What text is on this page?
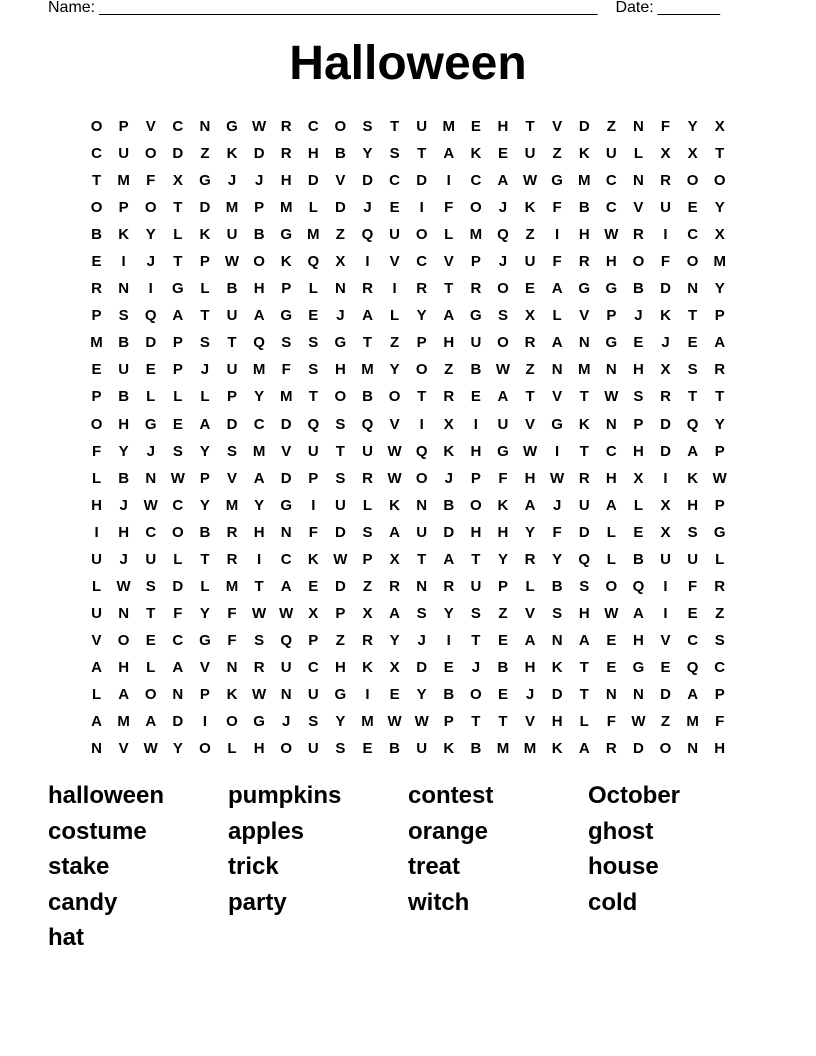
Name: ________________________________________________________ Date: _______
Halloween
O	P	V	C	N	G W R	C	O	S	T	U	M	E	H	T	V	D	Z	N	F	Y	X
C	U	O	D	Z	K	D	R	H	B	Y	S	T	A	K	E	U	Z	K	U	L	X	X	T
T	M	F	X	G	J	J	H	D	V	D	C	D	I	C	A W G	M	C	N	R	O	O
O	P	O	T	D	M	P	M	L	D	J	E	I	F	O	J	K	F	B	C	V	U	E	Y
B	K	Y	L	K	U	B	G	M	Z	Q	U	O	L	M	Q	Z	I	H W R	I	C	X
E	I	J	T	P	W O	K	Q	X	I	V	C	V	P	J	U	F	R	H	O	F	O	M
R	N	I	G	L	B	H	P	L	N	R	I	R	T	R	O	E	A	G	G	B	D	N	Y
P	S	Q	A	T	U	A	G	E	J	A	L	Y	A	G	S	X	L	V	P	J	K	T	P
M	B	D	P	S	T	Q	S	S	G	T	Z	P	H	U	O	R	A	N	G	E	J	E	A
E	U	E	P	J	U	M	F	S	H	M	Y	O	Z	B W	Z	N	M	N	H	X	S	R
P	B	L	L	L	P	Y	M	T	O	B	O	T	R	E	A	T	V	T	W	S	R	T	T
O	H	G	E	A	D	C	D	Q	S	Q	V	I	X	I	U	V	G	K	N	P	D	Q	Y
F	Y	J	S	Y	S	M	V	U	T	U W Q	K	H	G W	I	T	C	H	D	A	P
L	B	N W	P	V	A	D	P	S	R W O	J	P	F	H W R	H	X	I	K W
H	J	W C	Y	M	Y	G	I	U	L	K	N	B	O	K	A	J	U	A	L	X	H	P
I	H	C	O	B	R	H	N	F	D	S	A	U	D	H	H	Y	F	D	L	E	X	S	G
U	J	U	L	T	R	I	C	K W	P	X	T	A	T	Y	R	Y	Q	L	B	U	U	L
L	W	S	D	L	M	T	A	E	D	Z	R	N	R	U	P	L	B	S	O	Q	I	F	R
U	N	T	F	Y	F	W W	X	P	X	A	S	Y	S	Z	V	S	H W A	I	E	Z
V	O	E	C	G	F	S	Q	P	Z	R	Y	J	I	T	E	A	N	A	E	H	V	C	S
A	H	L	A	V	N	R	U	C	H	K	X	D	E	J	B	H	K	T	E	G	E	Q	C
L	A	O	N	P	K W N	U	G	I	E	Y	B	O	E	J	D	T	N	N	D	A	P
A	M	A	D	I	O	G	J	S	Y	M W W	P	T	T	V	H	L	F	W	Z	M	F
N	V	W	Y	O	L	H	O	U	S	E	B	U	K	B	M M	K	A	R	D	O	N	H
halloween	pumpkins	contest	October
costume	apples	orange	ghost
stake	trick	treat	house
candy	party	witch	cold
hat
